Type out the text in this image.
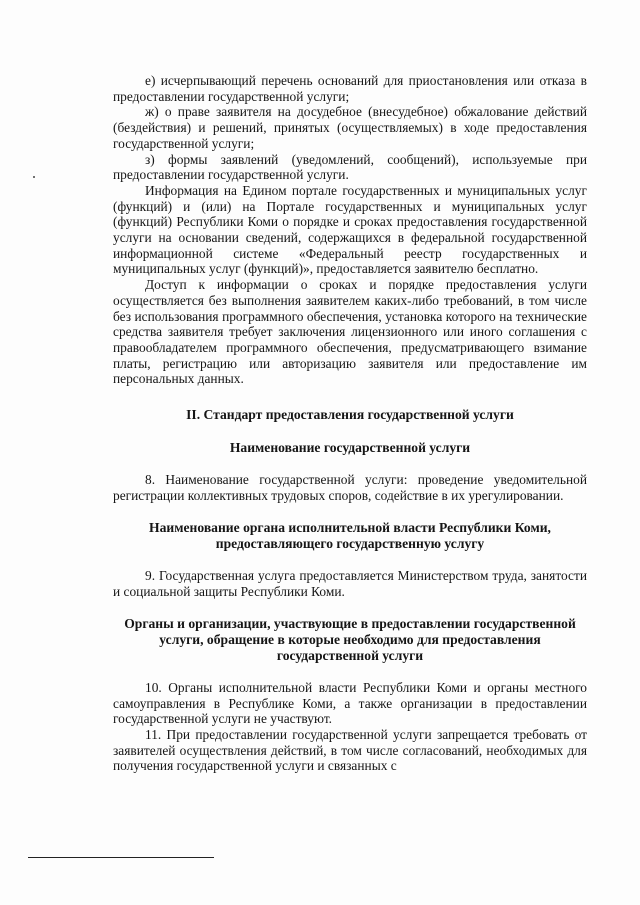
е) исчерпывающий перечень оснований для приостановления или отказа в предоставлении государственной услуги;

ж) о праве заявителя на досудебное (внесудебное) обжалование действий (бездействия) и решений, принятых (осуществляемых) в ходе предоставления государственной услуги;

з) формы заявлений (уведомлений, сообщений), используемые при предоставлении государственной услуги.

Информация на Едином портале государственных и муниципальных услуг (функций) и (или) на Портале государственных и муниципальных услуг (функций) Республики Коми о порядке и сроках предоставления государственной услуги на основании сведений, содержащихся в федеральной государственной информационной системе «Федеральный реестр государственных и муниципальных услуг (функций)», предоставляется заявителю бесплатно.

Доступ к информации о сроках и порядке предоставления услуги осуществляется без выполнения заявителем каких-либо требований, в том числе без использования программного обеспечения, установка которого на технические средства заявителя требует заключения лицензионного или иного соглашения с правообладателем программного обеспечения, предусматривающего взимание платы, регистрацию или авторизацию заявителя или предоставление им персональных данных.

II. Стандарт предоставления государственной услуги
Наименование государственной услуги

8. Наименование государственной услуги: проведение уведомительной регистрации коллективных трудовых споров, содействие в их урегулировании.

Наименование органа исполнительной власти Республики Коми, предоставляющего государственную услугу

9. Государственная услуга предоставляется Министерством труда, занятости и социальной защиты Республики Коми.

Органы и организации, участвующие в предоставлении государственной услуги, обращение в которые необходимо для предоставления государственной услуги

10. Органы исполнительной власти Республики Коми и органы местного самоуправления в Республике Коми, а также организации в предоставлении государственной услуги не участвуют.

11. При предоставлении государственной услуги запрещается требовать от заявителей осуществления действий, в том числе согласований, необходимых для получения государственной услуги и связанных с
